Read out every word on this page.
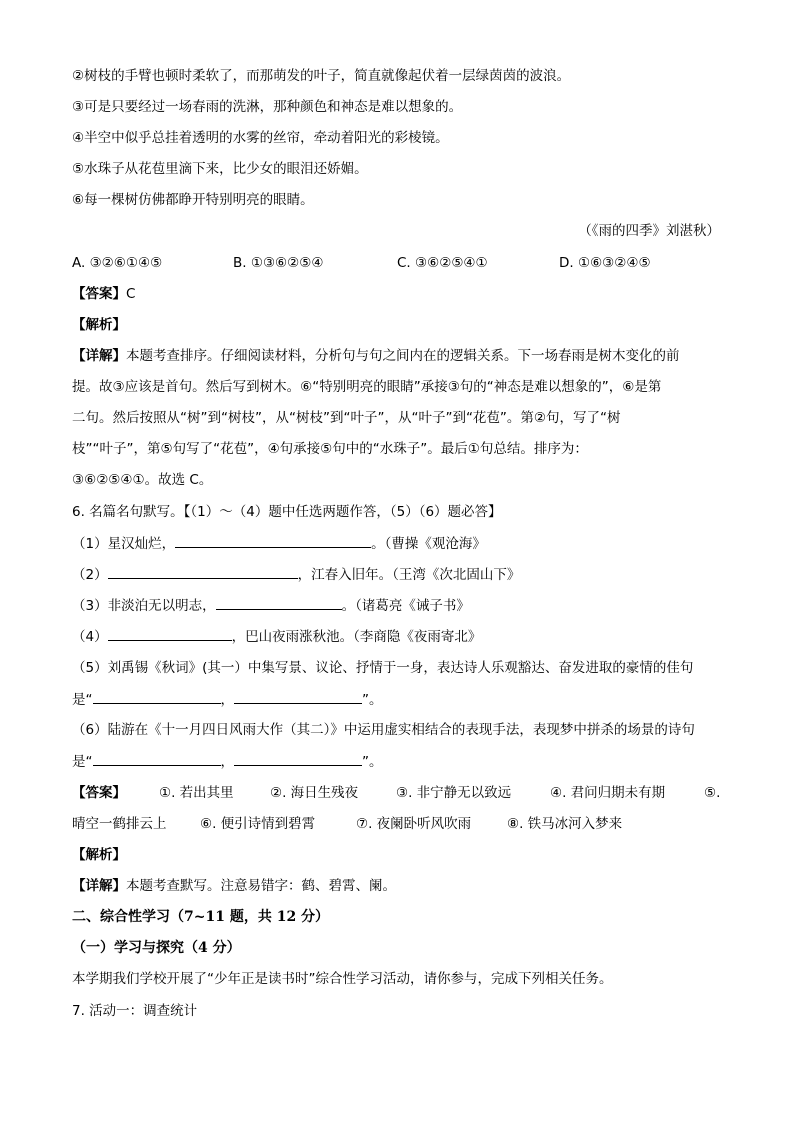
②树枝的手臂也顿时柔软了，而那萌发的叶子，简直就像起伏着一层绿茵茵的波浪。
③可是只要经过一场春雨的洗淋，那种颜色和神态是难以想象的。
④半空中似乎总挂着透明的水雾的丝帘，牵动着阳光的彩棱镜。
⑤水珠子从花苞里滴下来，比少女的眼泪还娇媚。
⑥每一棵树仿佛都睁开特别明亮的眼睛。
（《雨的四季》刘湛秋）
A. ③②⑥①④⑤	B. ①③⑥②⑤④	C. ③⑥②⑤④①	D. ①⑥③②④⑤
【答案】C
【解析】
【详解】本题考查排序。仔细阅读材料，分析句与句之间内在的逻辑关系。下一场春雨是树木变化的前
提。故③应该是首句。然后写到树木。⑥“特别明亮的眼睛”承接③句的“神态是难以想象的”，⑥是第
二句。然后按照从“树”到“树枝”，从“树枝”到“叶子”，从“叶子”到“花苞”。第②句，写了“树
枝”“叶子”，第⑤句写了“花苞”，④句承接⑤句中的“水珠子”。最后①句总结。排序为：
③⑥②⑤④①。故选 C。
6. 名篇名句默写。【（1）～（4）题中任选两题作答，（5）（6）题必答】
（1）星汉灿烂，	。（曹操《观沧海》
（2）	，江春入旧年。（王湾《次北固山下》
（3）非淡泊无以明志，	。（诸葛亮《诫子书》
（4）	，巴山夜雨涨秋池。（李商隐《夜雨寄北》
（5）刘禹锡《秋词》(其一）中集写景、议论、抒情于一身，表达诗人乐观豁达、奋发进取的豪情的佳句
是“	，	”。
（6）陆游在《十一月四日风雨大作（其二）》中运用虚实相结合的表现手法，表现梦中拼杀的场景的诗句
是“	，	”。
【答案】 ①. 若出其里	②. 海日生残夜	③. 非宁静无以致远	④. 君问归期未有期	⑤.
晴空一鹤排云上 ⑥. 便引诗情到碧霄	⑦. 夜阑卧听风吹雨	⑧. 铁马冰河入梦来
【解析】
【详解】本题考查默写。注意易错字：鹤、碧霄、阑。
二、综合性学习（7~11 题，共 12 分）
（一）学习与探究（4 分）
本学期我们学校开展了“少年正是读书时”综合性学习活动，请你参与，完成下列相关任务。
7. 活动一：调查统计
